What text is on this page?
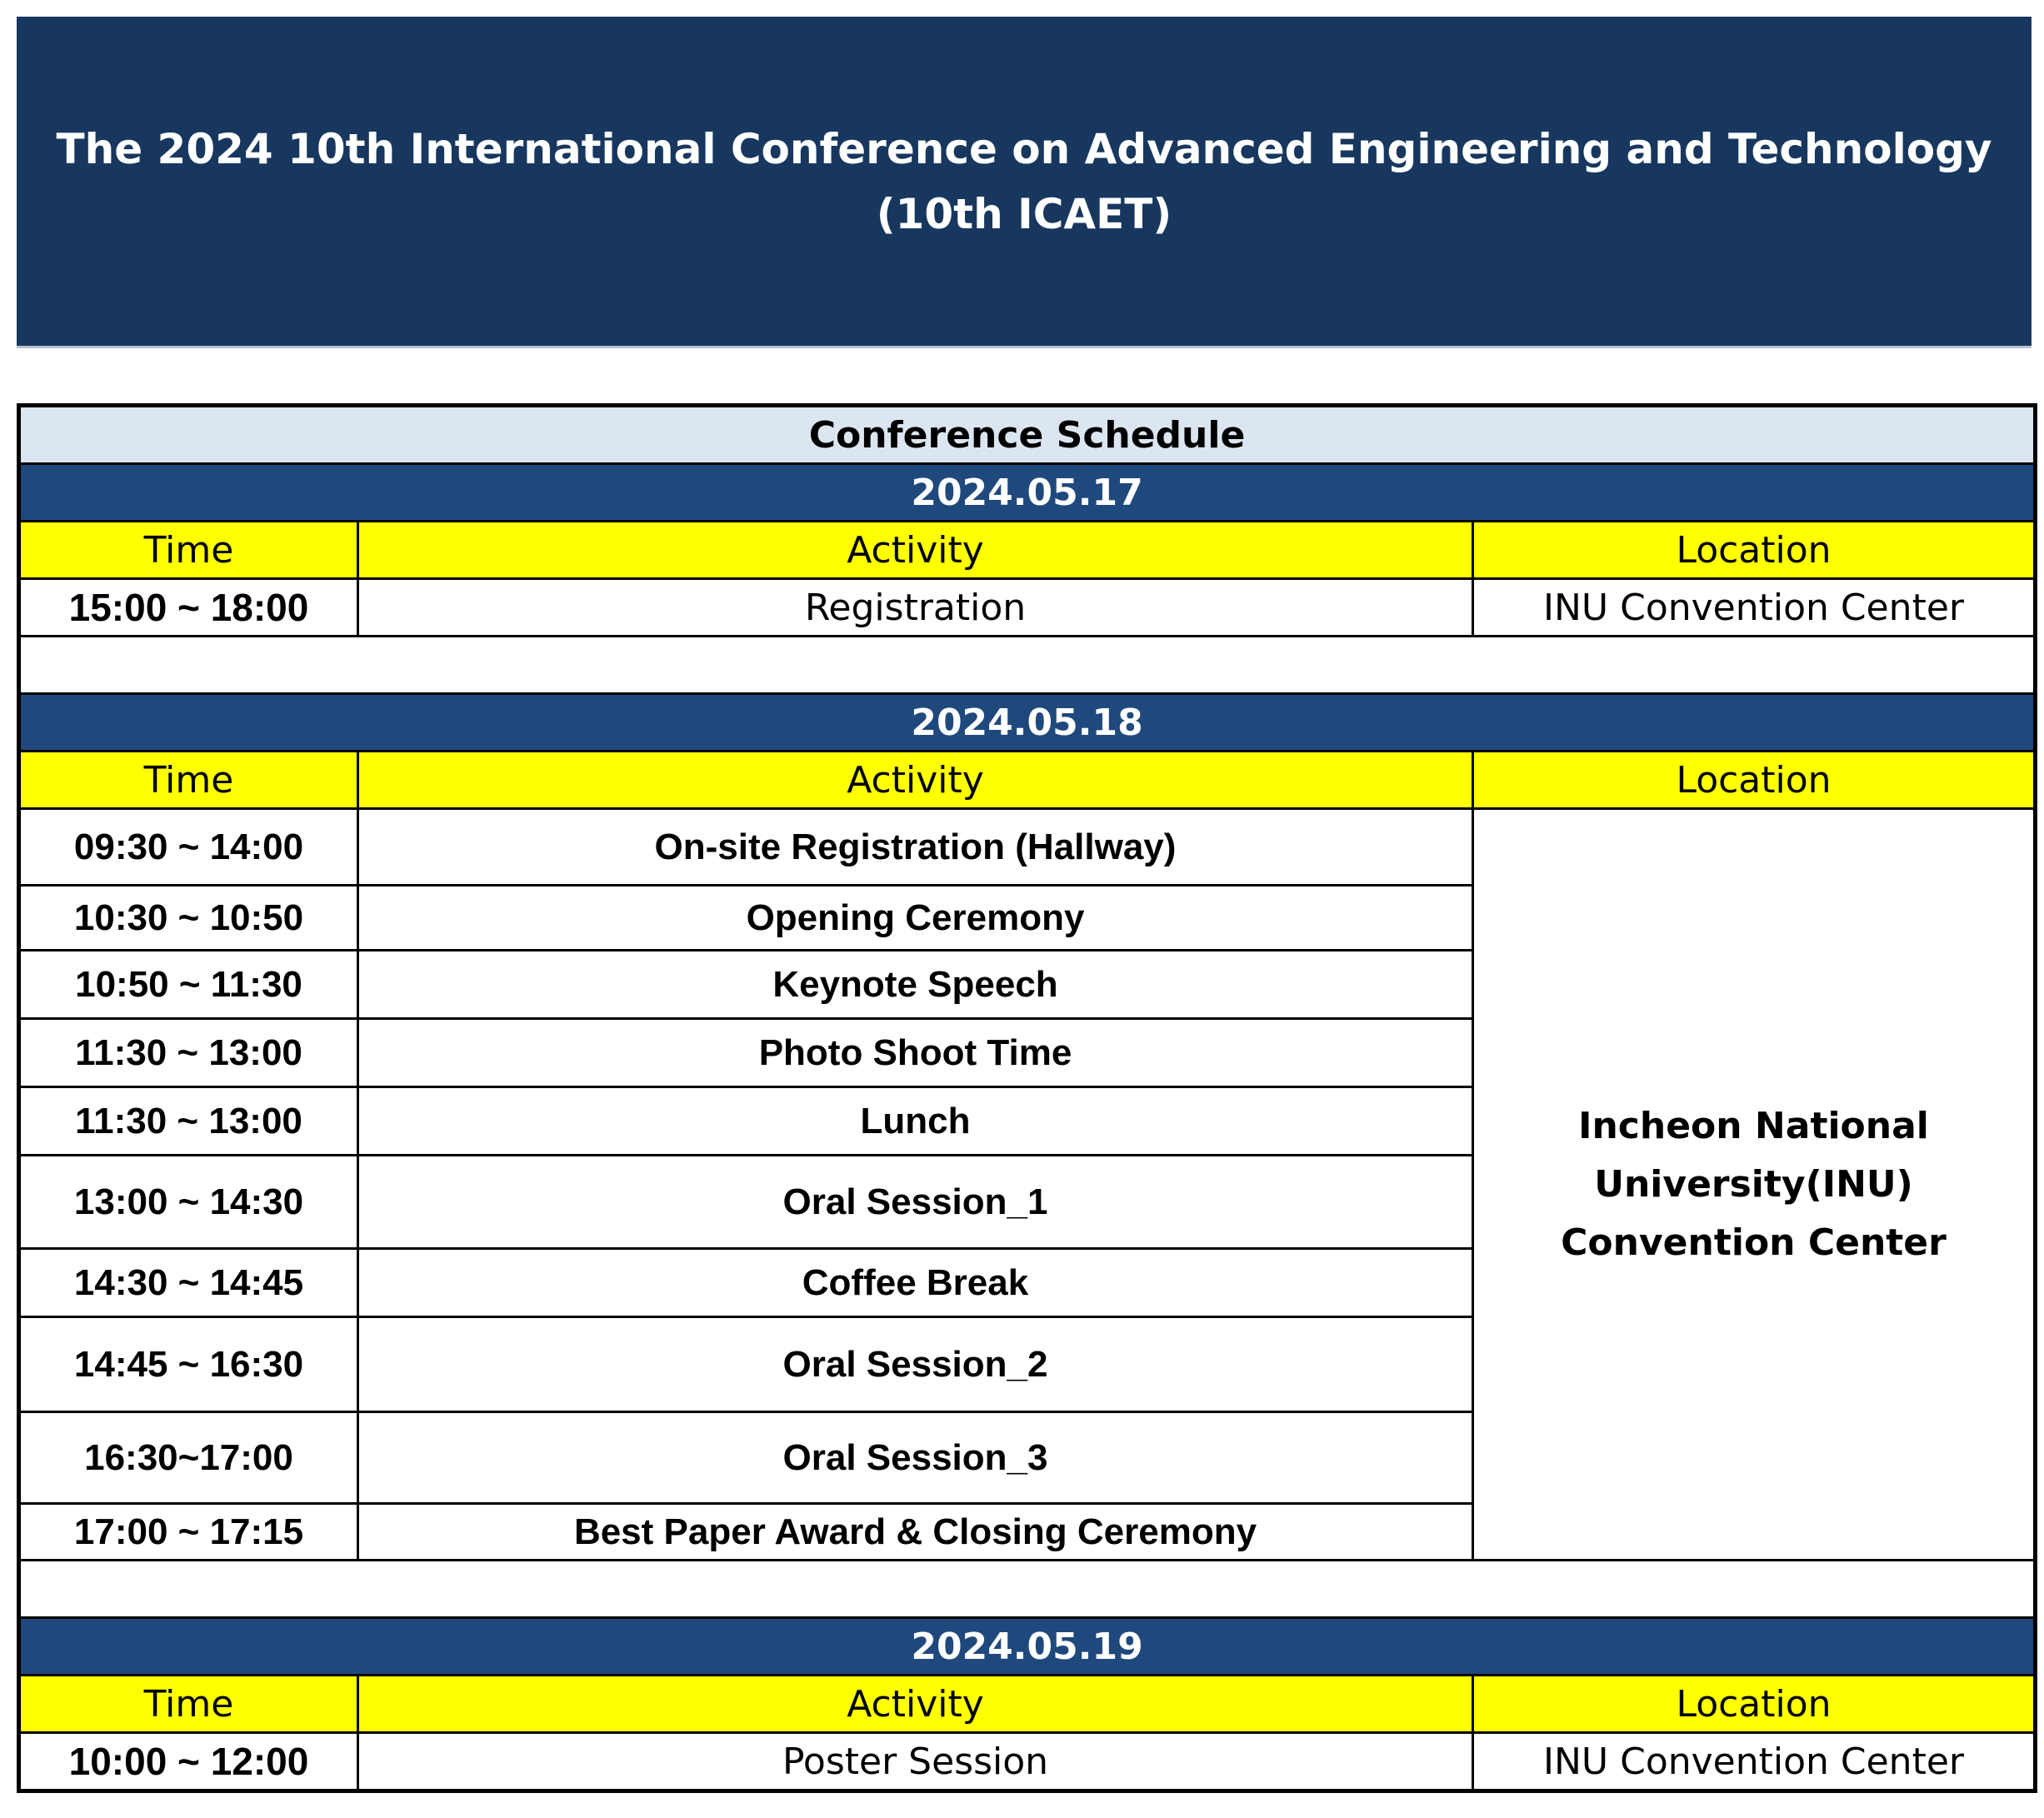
The 2024 10th International Conference on Advanced Engineering and Technology
(10th ICAET)
Conference Schedule		
2024.05.17		
Time	Activity	Location
15:00 ~ 18:00	Registration	INU Convention Center

2024.05.18		
Time	Activity	Location
09:30 ~ 14:00	On-site Registration (Hallway)	Incheon National
University(INU)
Convention Center

10:30 ~ 10:50	Opening Ceremony	
10:50 ~ 11:30	Keynote Speech	
11:30 ~ 13:00	Photo Shoot Time	
11:30 ~ 13:00	Lunch	
13:00 ~ 14:30	Oral Session_1	
14:30 ~ 14:45	Coffee Break	
14:45 ~ 16:30	Oral Session_2	
16:30~17:00	Oral Session_3	
17:00 ~ 17:15	Best Paper Award & Closing Ceremony	

2024.05.19		
Time	Activity	Location
10:00 ~ 12:00	Poster Session	INU Convention Center
